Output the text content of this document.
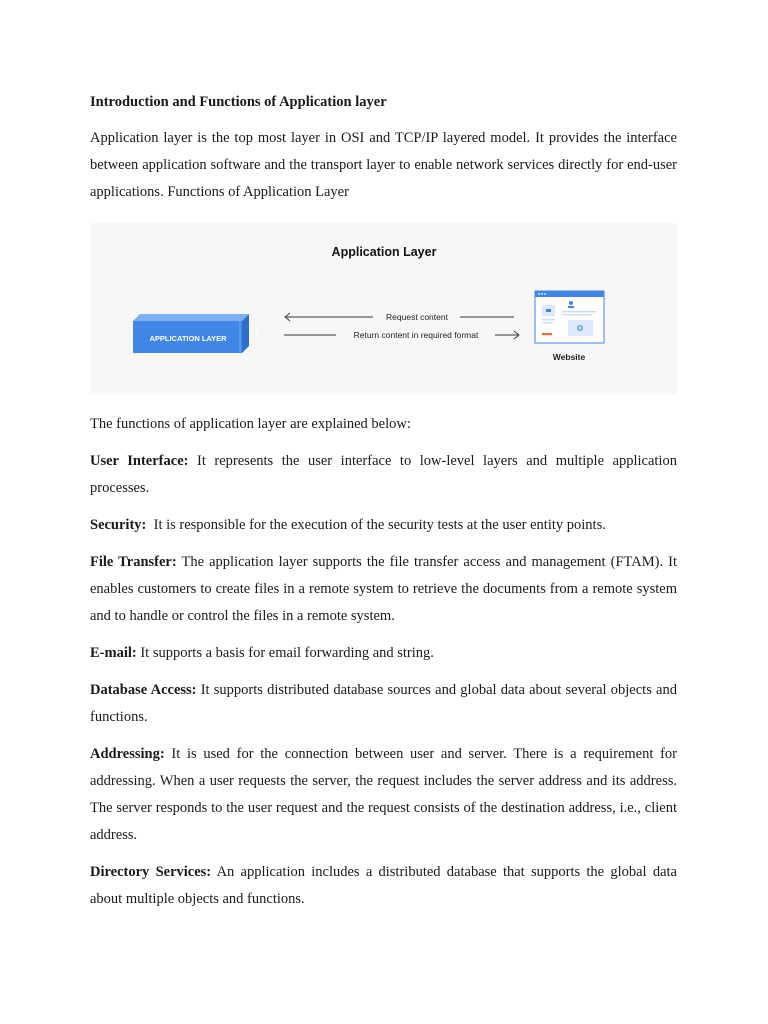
Introduction and Functions of Application layer

Application layer is the top most layer in OSI and TCP/IP layered model. It provides the interface between application software and the transport layer to enable network services directly for end-user applications. Functions of Application Layer

Application Layer
APPLICATION LAYER	7
Request content
Return content in required format
Website

The functions of application layer are explained below:

User Interface: It represents the user interface to low-level layers and multiple application processes.

Security:  It is responsible for the execution of the security tests at the user entity points.

File Transfer: The application layer supports the file transfer access and management (FTAM). It enables customers to create files in a remote system to retrieve the documents from a remote system and to handle or control the files in a remote system.

E-mail: It supports a basis for email forwarding and string.

Database Access: It supports distributed database sources and global data about several objects and functions.

Addressing: It is used for the connection between user and server. There is a requirement for addressing. When a user requests the server, the request includes the server address and its address. The server responds to the user request and the request consists of the destination address, i.e., client address.

Directory Services: An application includes a distributed database that supports the global data about multiple objects and functions.
